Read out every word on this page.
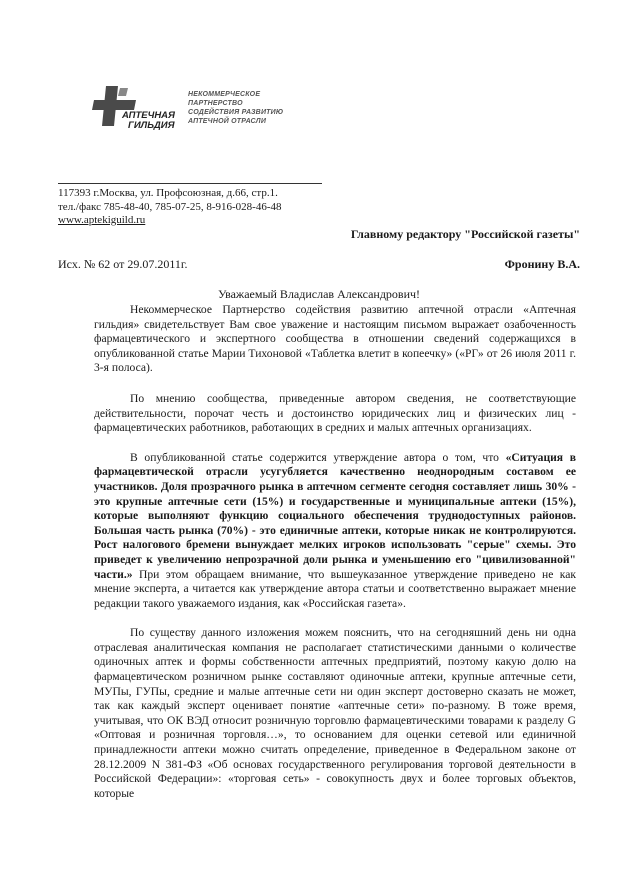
АПТЕЧНАЯ
ГИЛЬДИЯ
НЕКОММЕРЧЕСКОЕ
ПАРТНЕРСТВО
СОДЕЙСТВИЯ РАЗВИТИЮ
АПТЕЧНОЙ ОТРАСЛИ
117393 г.Москва, ул. Профсоюзная, д.66, стр.1.
тел./факс 785-48-40, 785-07-25, 8-916-028-46-48
www.aptekiguild.ru
Главному редактору "Российской газеты"
Исх. № 62 от 29.07.2011г.	Фронину В.А.
Уважаемый Владислав Александрович!

Некоммерческое Партнерство содействия развитию аптечной отрасли «Аптечная гильдия» свидетельствует Вам свое уважение и настоящим письмом выражает озабоченность фармацевтического и экспертного сообщества в отношении сведений содержащихся в опубликованной статье Марии Тихоновой «Таблетка влетит в копеечку» («РГ» от 26 июля 2011 г. 3-я полоса).

По мнению сообщества, приведенные автором сведения, не соответствующие действительности, порочат честь и достоинство юридических лиц и физических лиц - фармацевтических работников, работающих в средних и малых аптечных организациях.

В опубликованной статье содержится утверждение автора о том, что «Ситуация в фармацевтической отрасли усугубляется качественно неоднородным составом ее участников. Доля прозрачного рынка в аптечном сегменте сегодня составляет лишь 30% - это крупные аптечные сети (15%) и государственные и муниципальные аптеки (15%), которые выполняют функцию социального обеспечения труднодоступных районов. Большая часть рынка (70%) - это единичные аптеки, которые никак не контролируются. Рост налогового бремени вынуждает мелких игроков использовать "серые" схемы. Это приведет к увеличению непрозрачной доли рынка и уменьшению его "цивилизованной" части.» При этом обращаем внимание, что вышеуказанное утверждение приведено не как мнение эксперта, а читается как утверждение автора статьи и соответственно выражает мнение редакции такого уважаемого издания, как «Российская газета».

По существу данного изложения можем пояснить, что на сегодняшний день ни одна отраслевая аналитическая компания не располагает статистическими данными о количестве одиночных аптек и формы собственности аптечных предприятий, поэтому какую долю на фармацевтическом розничном рынке составляют одиночные аптеки, крупные аптечные сети, МУПы, ГУПы, средние и малые аптечные сети ни один эксперт достоверно сказать не может, так как каждый эксперт оценивает понятие «аптечные сети» по-разному. В тоже время, учитывая, что ОК ВЭД относит розничную торговлю фармацевтическими товарами к разделу G «Оптовая и розничная торговля…», то основанием для оценки сетевой или единичной принадлежности аптеки можно считать определение, приведенное в Федеральном законе от 28.12.2009 N 381-ФЗ «Об основах государственного регулирования торговой деятельности в Российской Федерации»: «торговая сеть» - совокупность двух и более торговых объектов, которые
